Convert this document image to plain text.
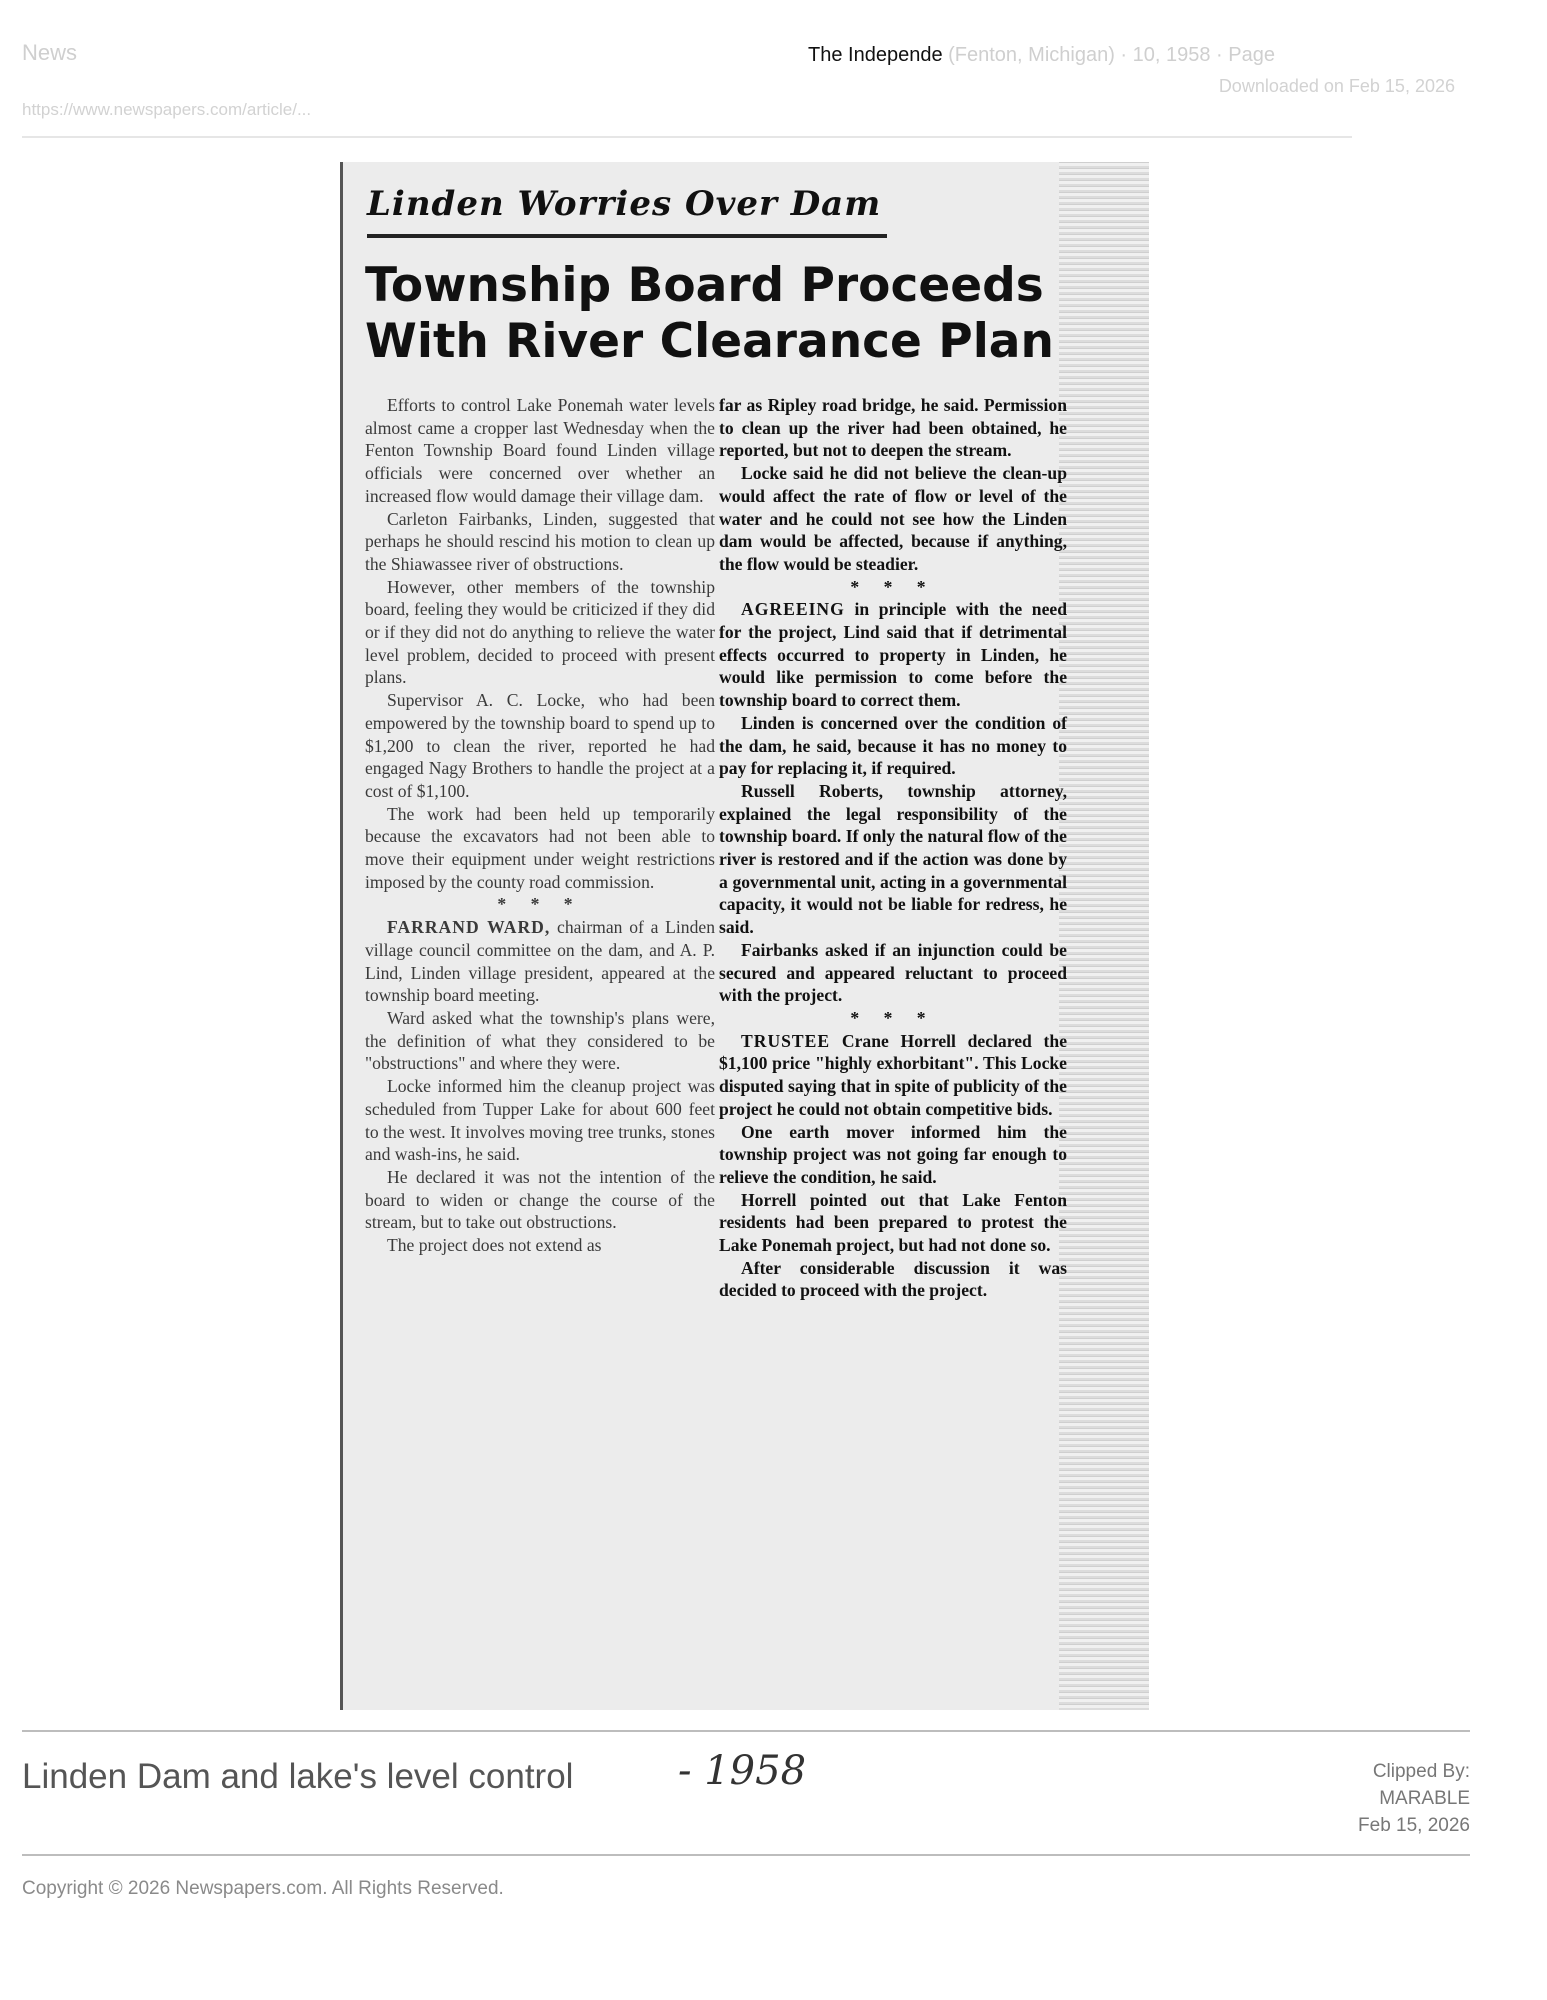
News	The Independe (Fenton, Michigan) · 10, 1958 · Page
https://www.newspapers.com/article/...
Downloaded on Feb 15, 2026
Linden Worries Over Dam
Township Board Proceeds With River Clearance Plan

Efforts to control Lake Ponemah water levels almost came a cropper last Wednesday when the Fenton Township Board found Linden village officials were concerned over whether an increased flow would damage their village dam.

Carleton Fairbanks, Linden, suggested that perhaps he should rescind his motion to clean up the Shiawassee river of obstructions.

However, other members of the township board, feeling they would be criticized if they did or if they did not do anything to relieve the water level problem, decided to proceed with present plans.

Supervisor A. C. Locke, who had been empowered by the township board to spend up to $1,200 to clean the river, reported he had engaged Nagy Brothers to handle the project at a cost of $1,100.

The work had been held up temporarily because the excavators had not been able to move their equipment under weight restrictions imposed by the county road commission.

* * *

FARRAND WARD, chairman of a Linden village council committee on the dam, and A. P. Lind, Linden village president, appeared at the township board meeting.

Ward asked what the township's plans were, the definition of what they considered to be "obstructions" and where they were.

Locke informed him the cleanup project was scheduled from Tupper Lake for about 600 feet to the west. It involves moving tree trunks, stones and wash-ins, he said.

He declared it was not the intention of the board to widen or change the course of the stream, but to take out obstructions.

The project does not extend as

far as Ripley road bridge, he said. Permission to clean up the river had been obtained, he reported, but not to deepen the stream.

Locke said he did not believe the clean-up would affect the rate of flow or level of the water and he could not see how the Linden dam would be affected, because if anything, the flow would be steadier.

* * *

AGREEING in principle with the need for the project, Lind said that if detrimental effects occurred to property in Linden, he would like permission to come before the township board to correct them.

Linden is concerned over the condition of the dam, he said, because it has no money to pay for replacing it, if required.

Russell Roberts, township attorney, explained the legal responsibility of the township board. If only the natural flow of the river is restored and if the action was done by a governmental unit, acting in a governmental capacity, it would not be liable for redress, he said.

Fairbanks asked if an injunction could be secured and appeared reluctant to proceed with the project.

* * *

TRUSTEE Crane Horrell declared the $1,100 price "highly exhorbitant". This Locke disputed saying that in spite of publicity of the project he could not obtain competitive bids.

One earth mover informed him the township project was not going far enough to relieve the condition, he said.

Horrell pointed out that Lake Fenton residents had been prepared to protest the Lake Ponemah project, but had not done so.

After considerable discussion it was decided to proceed with the project.

Linden Dam and lake's level control	- 1958	Clipped By:
MARABLE
Feb 15, 2026
Copyright © 2026 Newspapers.com. All Rights Reserved.
